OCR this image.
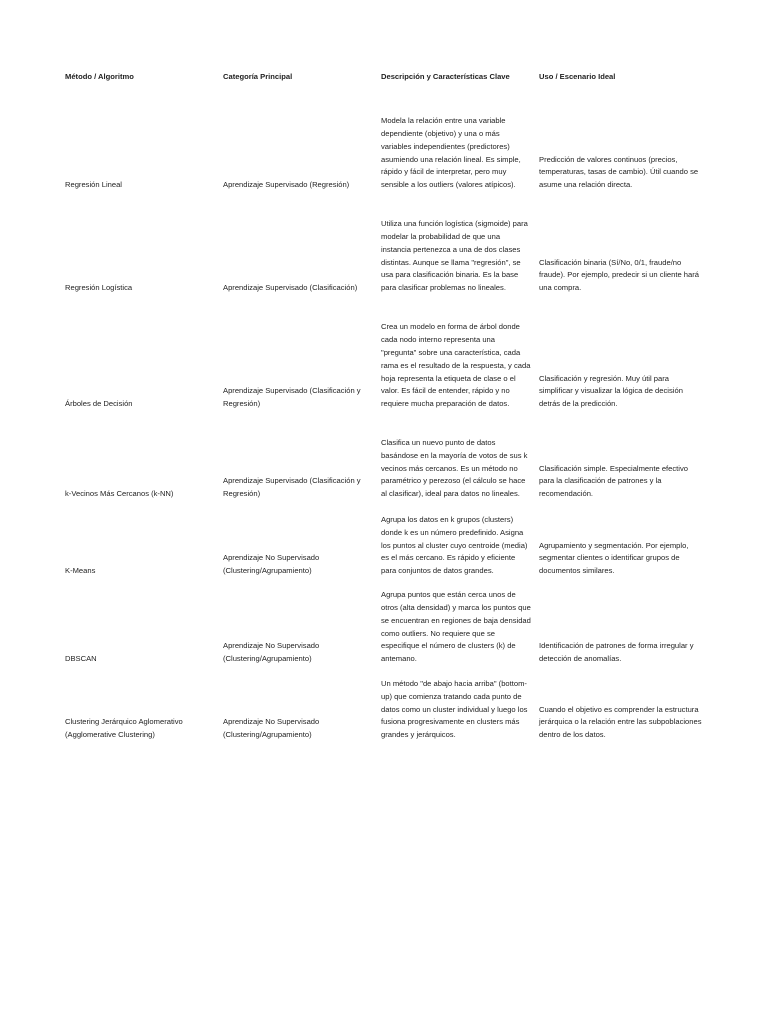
Método / Algoritmo	Categoría Principal	Descripción y Características Clave	Uso / Escenario Ideal
Regresión Lineal	Aprendizaje Supervisado (Regresión)	Modela la relación entre una variable dependiente (objetivo) y una o más variables independientes (predictores) asumiendo una relación lineal. Es simple, rápido y fácil de interpretar, pero muy sensible a los outliers (valores atípicos).	Predicción de valores continuos (precios, temperaturas, tasas de cambio). Útil cuando se asume una relación directa.
Regresión Logística	Aprendizaje Supervisado (Clasificación)	Utiliza una función logística (sigmoide) para modelar la probabilidad de que una instancia pertenezca a una de dos clases distintas. Aunque se llama "regresión", se usa para clasificación binaria. Es la base para clasificar problemas no lineales.	Clasificación binaria (Sí/No, 0/1, fraude/no fraude). Por ejemplo, predecir si un cliente hará una compra.
Árboles de Decisión	Aprendizaje Supervisado (Clasificación y Regresión)	Crea un modelo en forma de árbol donde cada nodo interno representa una "pregunta" sobre una característica, cada rama es el resultado de la respuesta, y cada hoja representa la etiqueta de clase o el valor. Es fácil de entender, rápido y no requiere mucha preparación de datos.	Clasificación y regresión. Muy útil para simplificar y visualizar la lógica de decisión detrás de la predicción.
k-Vecinos Más Cercanos (k-NN)	Aprendizaje Supervisado (Clasificación y Regresión)	Clasifica un nuevo punto de datos basándose en la mayoría de votos de sus k vecinos más cercanos. Es un método no paramétrico y perezoso (el cálculo se hace al clasificar), ideal para datos no lineales.	Clasificación simple. Especialmente efectivo para la clasificación de patrones y la recomendación.
K-Means	Aprendizaje No Supervisado (Clustering/Agrupamiento)	Agrupa los datos en k grupos (clusters) donde k es un número predefinido. Asigna los puntos al cluster cuyo centroide (media) es el más cercano. Es rápido y eficiente para conjuntos de datos grandes.	Agrupamiento y segmentación. Por ejemplo, segmentar clientes o identificar grupos de documentos similares.
DBSCAN	Aprendizaje No Supervisado (Clustering/Agrupamiento)	Agrupa puntos que están cerca unos de otros (alta densidad) y marca los puntos que se encuentran en regiones de baja densidad como outliers. No requiere que se especifique el número de clusters (k) de antemano.	Identificación de patrones de forma irregular y detección de anomalías.
Clustering Jerárquico Aglomerativo (Agglomerative Clustering)	Aprendizaje No Supervisado (Clustering/Agrupamiento)	Un método "de abajo hacia arriba" (bottom-up) que comienza tratando cada punto de datos como un cluster individual y luego los fusiona progresivamente en clusters más grandes y jerárquicos.	Cuando el objetivo es comprender la estructura jerárquica o la relación entre las subpoblaciones dentro de los datos.
